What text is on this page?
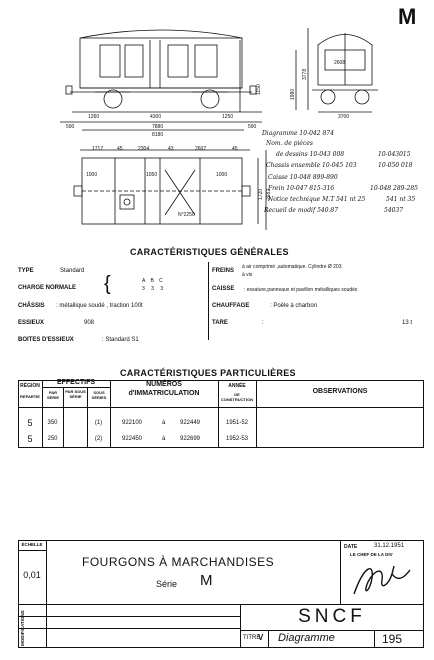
M
1260	4300	1250
590	7880	590
8180
1150
3700
2608
3778
1980
1717	45	2304	43	2607	45
1720 2682
1000	1050	1000
N°2250
Diagramme 10-042 874
Nom. de pièces
de dessins 10-043 008	10-043015
Chassis ensemble 10-045 103	10-050 018
Caisse 10-048 899-890
Frein 10-047 815-316	10-048 289-285
Notice technique M.T 541 nt 25	541 nt 35
Recueil de modif 540.87	54037
CARACTÉRISTIQUES GÉNÉRALES
TYPE	Standard
CHARGE NORMALE {	A B C
3 3 3
CHÂSSIS : métallique soudé , traction 100t
ESSIEUX	908
BOITES D'ESSIEUX	: Standard S1
FREINS
à air comprimé ,automatique. Cylindre Ø 203
à vis
CAISSE : essature,panneaux et pavillon métalliques soudés
CHAUFFAGE	: Poêle à charbon
TARE	:	13 t
CARACTÉRISTIQUES PARTICULIÈRES
RÉGION
REPARTIE
EFFECTIFS
PAR SÉRIE
PAR SOUS SÉRIE
SOUS SÉRIES
NUMÉROS
d'IMMATRICULATION
ANNÉE
DE CONSTRUCTION
OBSERVATIONS
5	350	(1)	922100	à 922449	1951-52
5	250	(2)	922450	à 922699	1952-53
ÉCHELLE
0,01
FOURGONS À MARCHANDISES
Série M
DATE	31.12.1951
LE CHEF DE LA DIV
MODIFICATIONS	SNCF
TITRE
V Diagramme	195
